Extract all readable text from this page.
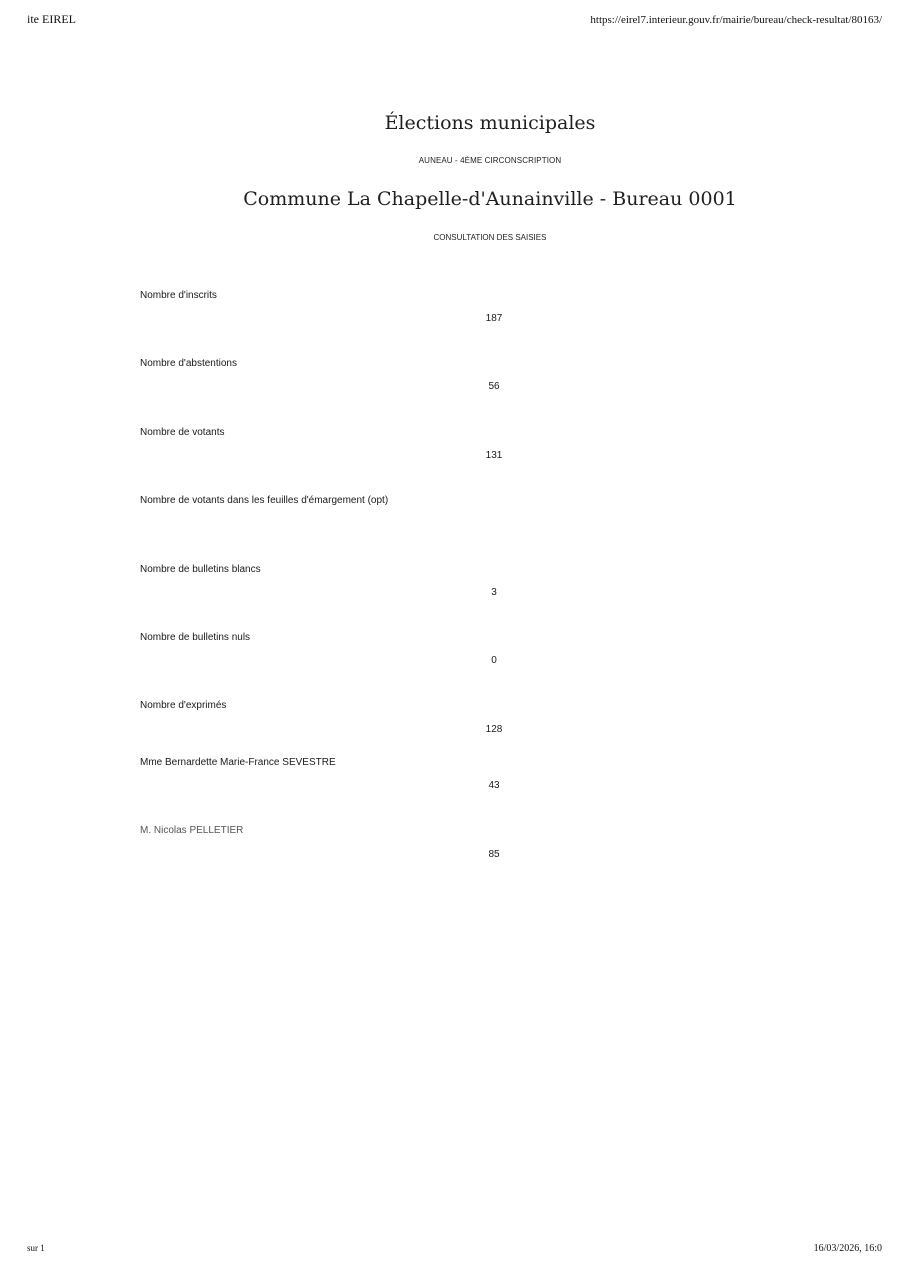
ite EIREL	https://eirel7.interieur.gouv.fr/mairie/bureau/check-resultat/80163/
Élections municipales
AUNEAU - 4ÈME CIRCONSCRIPTION
Commune La Chapelle-d'Aunainville - Bureau 0001
CONSULTATION DES SAISIES
Nombre d'inscrits
187
Nombre d'abstentions
56
Nombre de votants
131
Nombre de votants dans les feuilles d'émargement (opt)
Nombre de bulletins blancs
3
Nombre de bulletins nuls
0
Nombre d'exprimés
128
Mme Bernardette Marie-France SEVESTRE
43
M. Nicolas PELLETIER
85
sur 1	16/03/2026, 16:0
